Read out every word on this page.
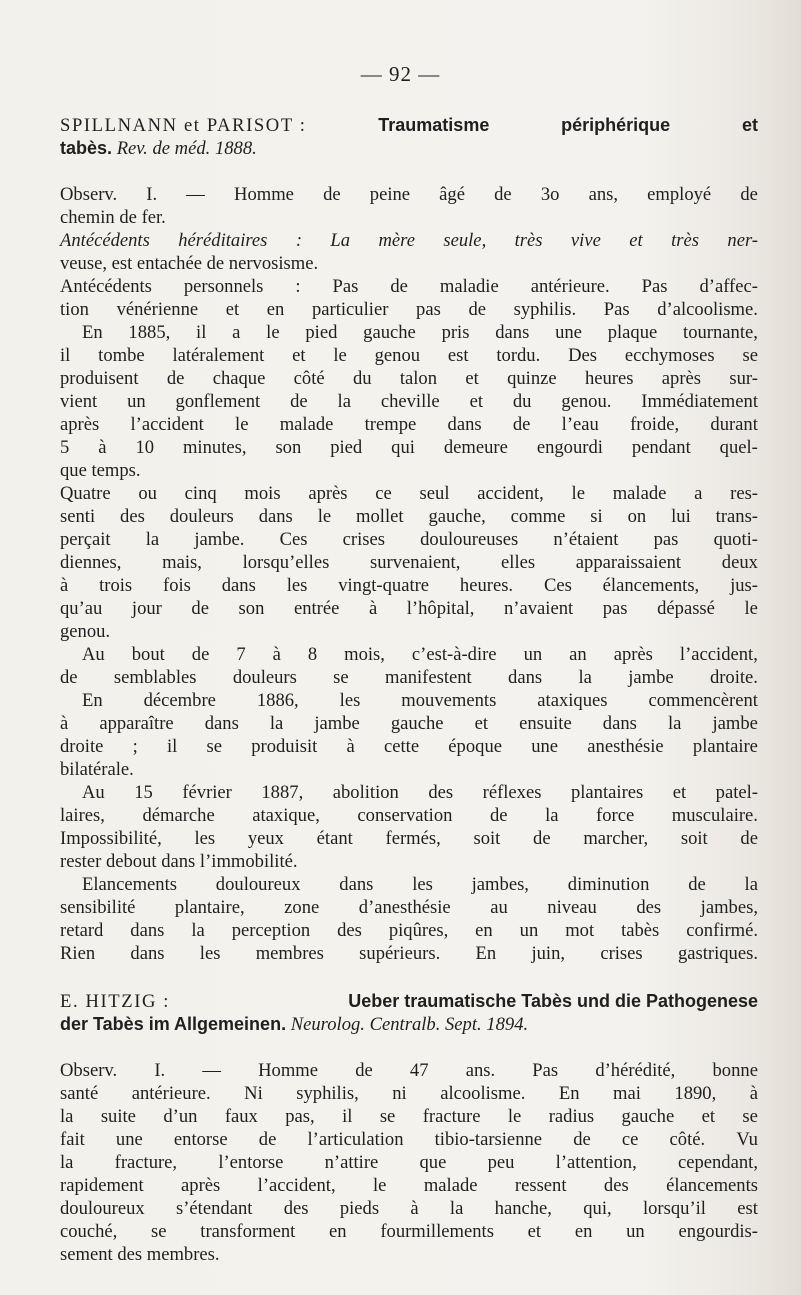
— 92 —
SPILLNANN et PARISOT :	Traumatisme	périphérique	et
tabès.
Rev. de méd. 1888.
Observ. I. — Homme de peine âgé de 3o ans, employé de
chemin de fer.
Antécédents héréditaires : La mère seule, très vive et très ner-
veuse, est entachée de nervosisme.
Antécédents personnels : Pas de maladie antérieure. Pas d’affec-
tion vénérienne et en particulier pas de syphilis. Pas d’alcoolisme.
En 1885, il a le pied gauche pris dans une plaque tournante,
il tombe latéralement et le genou est tordu. Des ecchymoses se
produisent de chaque côté du talon et quinze heures après sur-
vient un gonflement de la cheville et du genou. Immédiatement
après l’accident le malade trempe dans de l’eau froide, durant
5 à 10 minutes, son pied qui demeure engourdi pendant quel-
que temps.
Quatre ou cinq mois après ce seul accident, le malade a res-
senti des douleurs dans le mollet gauche, comme si on lui trans-
perçait la jambe. Ces crises douloureuses n’étaient pas quoti-
diennes, mais, lorsqu’elles survenaient, elles apparaissaient deux
à trois fois dans les vingt-quatre heures. Ces élancements, jus-
qu’au jour de son entrée à l’hôpital, n’avaient pas dépassé le
genou.
Au bout de 7 à 8 mois, c’est-à-dire un an après l’accident,
de semblables douleurs se manifestent dans la jambe droite.
En décembre 1886, les mouvements ataxiques commencèrent
à apparaître dans la jambe gauche et ensuite dans la jambe
droite ; il se produisit à cette époque une anesthésie plantaire
bilatérale.
Au 15 février 1887, abolition des réflexes plantaires et patel-
laires, démarche ataxique, conservation de la force musculaire.
Impossibilité, les yeux étant fermés, soit de marcher, soit de
rester debout dans l’immobilité.
Elancements douloureux dans les jambes, diminution de la
sensibilité plantaire, zone d’anesthésie au niveau des jambes,
retard dans la perception des piqûres, en un mot tabès confirmé.
Rien dans les membres supérieurs. En juin, crises gastriques.
E. HITZIG :	Ueber traumatische Tabès und die Pathogenese
der Tabès im Allgemeinen.
Neurolog. Centralb. Sept. 1894.
Observ. I. — Homme de 47 ans. Pas d’hérédité, bonne
santé antérieure. Ni syphilis, ni alcoolisme. En mai 1890, à
la suite d’un faux pas, il se fracture le radius gauche et se
fait une entorse de l’articulation tibio-tarsienne de ce côté. Vu
la fracture, l’entorse n’attire que peu l’attention, cependant,
rapidement après l’accident, le malade ressent des élancements
douloureux s’étendant des pieds à la hanche, qui, lorsqu’il est
couché, se transforment en fourmillements et en un engourdis-
sement des membres.
